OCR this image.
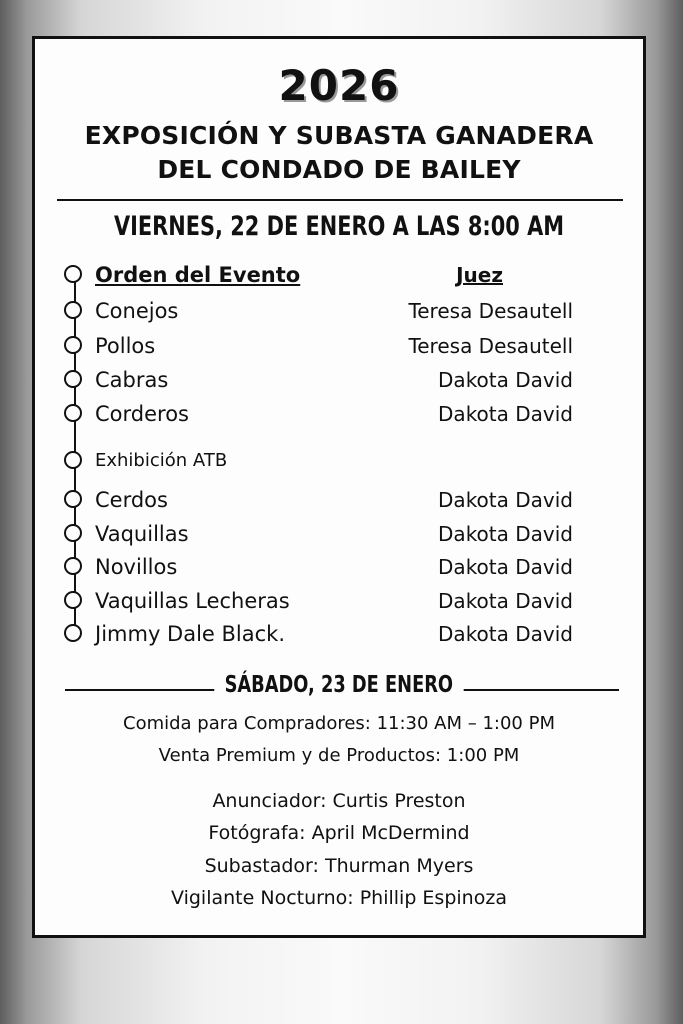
2026
EXPOSICIÓN Y SUBASTA GANADERA
DEL CONDADO DE BAILEY
VIERNES, 22 DE ENERO A LAS 8:00 AM
Orden del Evento	Juez
Conejos	Teresa Desautell
Pollos	Teresa Desautell
Cabras	Dakota David
Corderos	Dakota David
Exhibición ATB
Cerdos	Dakota David
Vaquillas	Dakota David
Novillos	Dakota David
Vaquillas Lecheras	Dakota David
Jimmy Dale Black.	Dakota David
SÁBADO, 23 DE ENERO
Comida para Compradores: 11:30 AM – 1:00 PM
Venta Premium y de Productos: 1:00 PM
Anunciador: Curtis Preston
Fotógrafa: April McDermind
Subastador: Thurman Myers
Vigilante Nocturno: Phillip Espinoza
